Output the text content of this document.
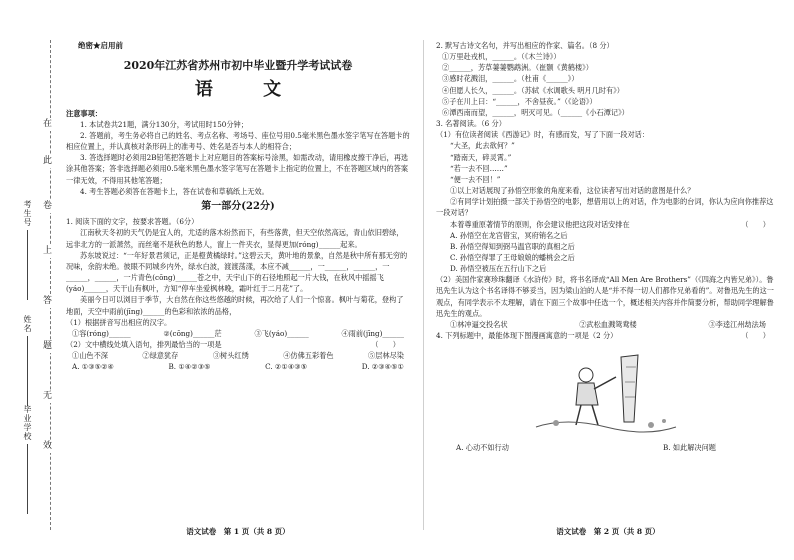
在
此
卷
上
答
题
无
效
考生号
姓名
毕业学校
绝密★启用前
2020年江苏省苏州市初中毕业暨升学考试试卷
语 文
注意事项：

1. 本试卷共21题，满分130分，考试用时150分钟；

2. 答题前，考生务必将自己的姓名、考点名称、考场号、座位号用0.5毫米黑色墨水签字笔写在答题卡的相应位置上，并认真核对条形码上的准考号、姓名是否与本人的相符合；

3. 答选择题时必须用2B铅笔把答题卡上对应题目的答案标号涂黑，如需改动，请用橡皮擦干净后，再选涂其他答案；答非选择题必须用0.5毫米黑色墨水签字笔写在答题卡上指定的位置上，不在答题区域内的答案一律无效，不得用其他笔答题；

4. 考生答题必须答在答题卡上，答在试卷和草稿纸上无效。

第一部分(22分)

1. 阅读下面的文字，按要求答题。（6分）

江南秋天冬初的天气仍是宜人的，尤适的落木纷然而下，有些落黄，但天空依然高远，青山依旧碧绿，远非北方的一派萧然，而丝毫不是秋色的愁人，窗上一件夹衣，显得更加(róng)______起来。

苏东坡说过：“一年好景君须记，正是橙黄橘绿时。”这碧云天，黄叶地的景象，自然是秋中所有那无穷的况味，余韵未绝。彼眼不同城乡内外，绿水白波，渡渡荡漾，本应不减______，一______，______，一______，______，一片青色(cōng)______苍之中，天宇山下的石径地照起一片大钱，在秋风中摇摇飞(yáo)______，天干山有枫叶，方知“停车坐爱枫林晚，霜叶红于二月花”了。

美丽今日可以浏目于季节，大自然在你这些悠越的时候，再次给了人们一个惊喜。枫叶与菊花，登构了地面，天空中雨前(jīng)______的色彩和浓浓的品格，

（1）根据拼音写出相应的汉字。

①容(róng)______	②(cōng)______茫	③飞(yáo)______	④雨前(jīng)______

（2）文中横线处填入语句，排列最恰当的一项是	（　　）

①山色不深	②绿意犹存	③树头红绣	④仿佛五彩着色	⑤层林尽染
A. ①③⑤②④	B. ①④②③⑤	C. ②①④③⑤	D. ②③④⑤①
语文试卷　第 1 页（共 8 页）

2. 默写古诗文名句，并写出相应的作家、篇名。（8 分）

①万里赴戎机，______。（《木兰诗》）

②______，芳草萋萋鹦鹉洲。（崔颢《黄鹤楼》）

③感时花溅泪，______。（杜甫《______》）

④但愿人长久，______。（苏轼《水调歌头 明月几时有》）

⑤子在川上曰：“______，不舍昼夜。”（《论语》）

⑥潭西南而望，______，明灭可见。（______《小石潭记》）

3. 名著阅读。（6 分）

（1）有位读者阅读《西游记》时，有感而发，写了下面一段对话：

“大圣，此去欲何？”

“踏南天，碎灵霄。”

“若一去不回……”

“便一去不回！”

①以上对话展现了孙悟空形象的角度来看，这位读者写出对话的意图是什么？

②有同学计划拍摄一部关于孙悟空的电影，想借用以上的对话，作为电影的台词，你认为应向你推荐这一段对话？

本着尊重原著情节的原则，你会建议他把这段对话安排在	（　　）

A. 孙悟空在龙宫借宝，冥府销名之后

B. 孙悟空得知到弼马温官职的真相之后

C. 孙悟空得罪了王母娘娘的蟠桃会之后

D. 孙悟空被压在五行山下之后

（2）美国作家赛珍珠翻译《水浒传》时，将书名译成“All Men Are Brothers”（《四海之内皆兄弟》）。鲁迅先生认为这个书名译得不够妥当，因为梁山泊的人是“并不得一切人们都作兄弟看的”。对鲁迅先生的这一观点，有同学表示不太理解，请在下面三个故事中任选一个，概述相关内容并作简要分析，帮助同学理解鲁迅先生的观点。

①林冲逼交投名状	②武松血溅鸳鸯楼	③李逵江州劫法场

4. 下列标题中，最能体现下图漫画寓意的一项是（2 分）	（　　）

A. 心动不如行动	B. 如此解决问题
语文试卷　第 2 页（共 8 页）
